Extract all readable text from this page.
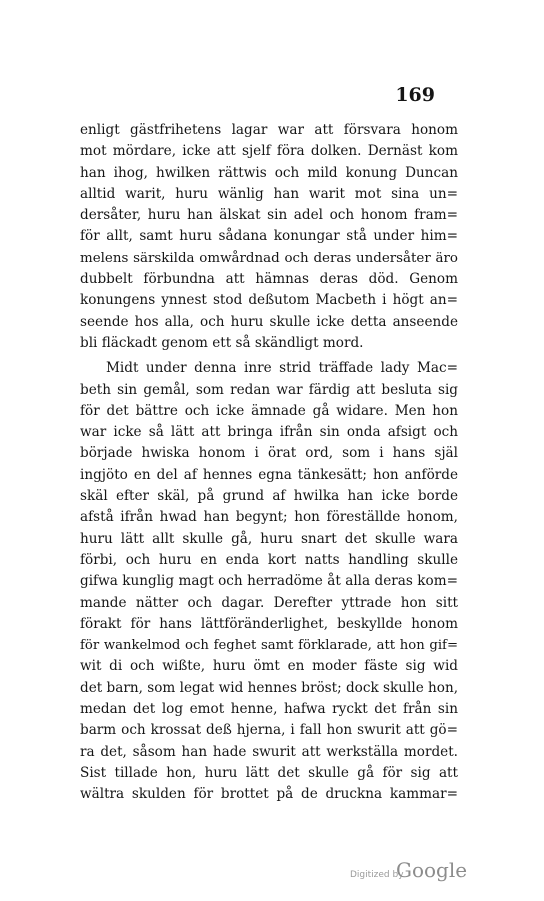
169
enligt gästfrihetens lagar war att försvara honom
mot mördare, icke att sjelf föra dolken. Dernäst kom
han ihog, hwilken rättwis och mild konung Duncan
alltid warit, huru wänlig han warit mot sina un=
dersåter, huru han älskat sin adel och honom fram=
för allt, samt huru sådana konungar stå under him=
melens särskilda omwårdnad och deras undersåter äro
dubbelt förbundna att hämnas deras död. Genom
konungens ynnest stod deßutom Macbeth i högt an=
seende hos alla, och huru skulle icke detta anseende
bli fläckadt genom ett så skändligt mord.
Midt under denna inre strid träffade lady Mac=
beth sin gemål, som redan war färdig att besluta sig
för det bättre och icke ämnade gå widare. Men hon
war icke så lätt att bringa ifrån sin onda afsigt och
började hwiska honom i örat ord, som i hans själ
ingjöto en del af hennes egna tänkesätt; hon anförde
skäl efter skäl, på grund af hwilka han icke borde
afstå ifrån hwad han begynt; hon föreställde honom,
huru lätt allt skulle gå, huru snart det skulle wara
förbi, och huru en enda kort natts handling skulle
gifwa kunglig magt och herradöme åt alla deras kom=
mande nätter och dagar. Derefter yttrade hon sitt
förakt för hans lättföränderlighet, beskyllde honom
för wankelmod och feghet samt förklarade, att hon gif=
wit di och wißte, huru ömt en moder fäste sig wid
det barn, som legat wid hennes bröst; dock skulle hon,
medan det log emot henne, hafwa ryckt det från sin
barm och krossat deß hjerna, i fall hon swurit att gö=
ra det, såsom han hade swurit att werkställa mordet.
Sist tillade hon, huru lätt det skulle gå för sig att
wältra skulden för brottet på de druckna kammar=
Digitized by
Google
